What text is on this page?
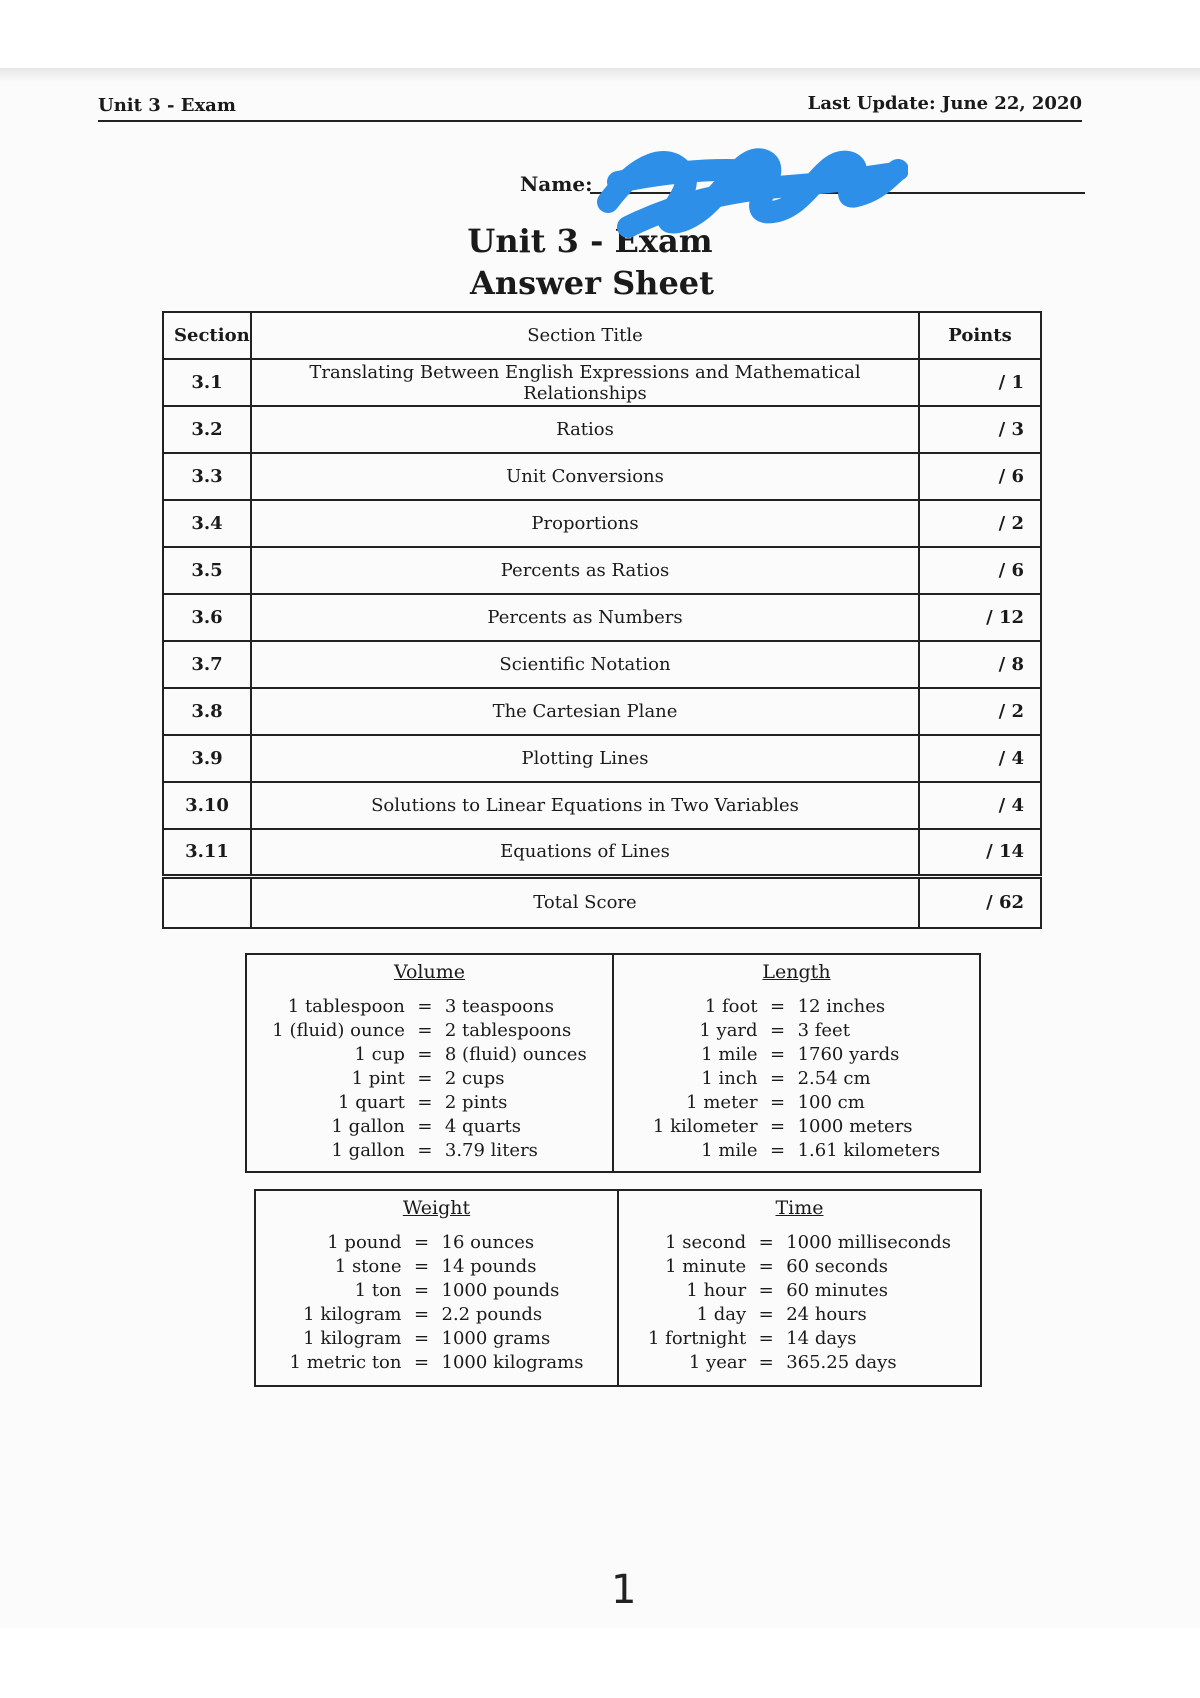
Unit 3 - Exam	Last Update: June 22, 2020
Name:
Unit 3 - Exam
Answer Sheet
Section	Section Title	Points
3.1	Translating Between English Expressions and Mathematical Relationships	/ 1
3.2	Ratios	/ 3
3.3	Unit Conversions	/ 6
3.4	Proportions	/ 2
3.5	Percents as Ratios	/ 6
3.6	Percents as Numbers	/ 12
3.7	Scientific Notation	/ 8
3.8	The Cartesian Plane	/ 2
3.9	Plotting Lines	/ 4
3.10	Solutions to Linear Equations in Two Variables	/ 4
3.11	Equations of Lines	/ 14
	Total Score	/ 62
Volume
1 tablespoon	=	3 teaspoons
1 (fluid) ounce	=	2 tablespoons
1 cup	=	8 (fluid) ounces
1 pint	=	2 cups
1 quart	=	2 pints
1 gallon	=	4 quarts
1 gallon	=	3.79 liters
Length
1 foot	=	12 inches
1 yard	=	3 feet
1 mile	=	1760 yards
1 inch	=	2.54 cm
1 meter	=	100 cm
1 kilometer	=	1000 meters
1 mile	=	1.61 kilometers
Weight
1 pound	=	16 ounces
1 stone	=	14 pounds
1 ton	=	1000 pounds
1 kilogram	=	2.2 pounds
1 kilogram	=	1000 grams
1 metric ton	=	1000 kilograms
Time
1 second	=	1000 milliseconds
1 minute	=	60 seconds
1 hour	=	60 minutes
1 day	=	24 hours
1 fortnight	=	14 days
1 year	=	365.25 days
1
